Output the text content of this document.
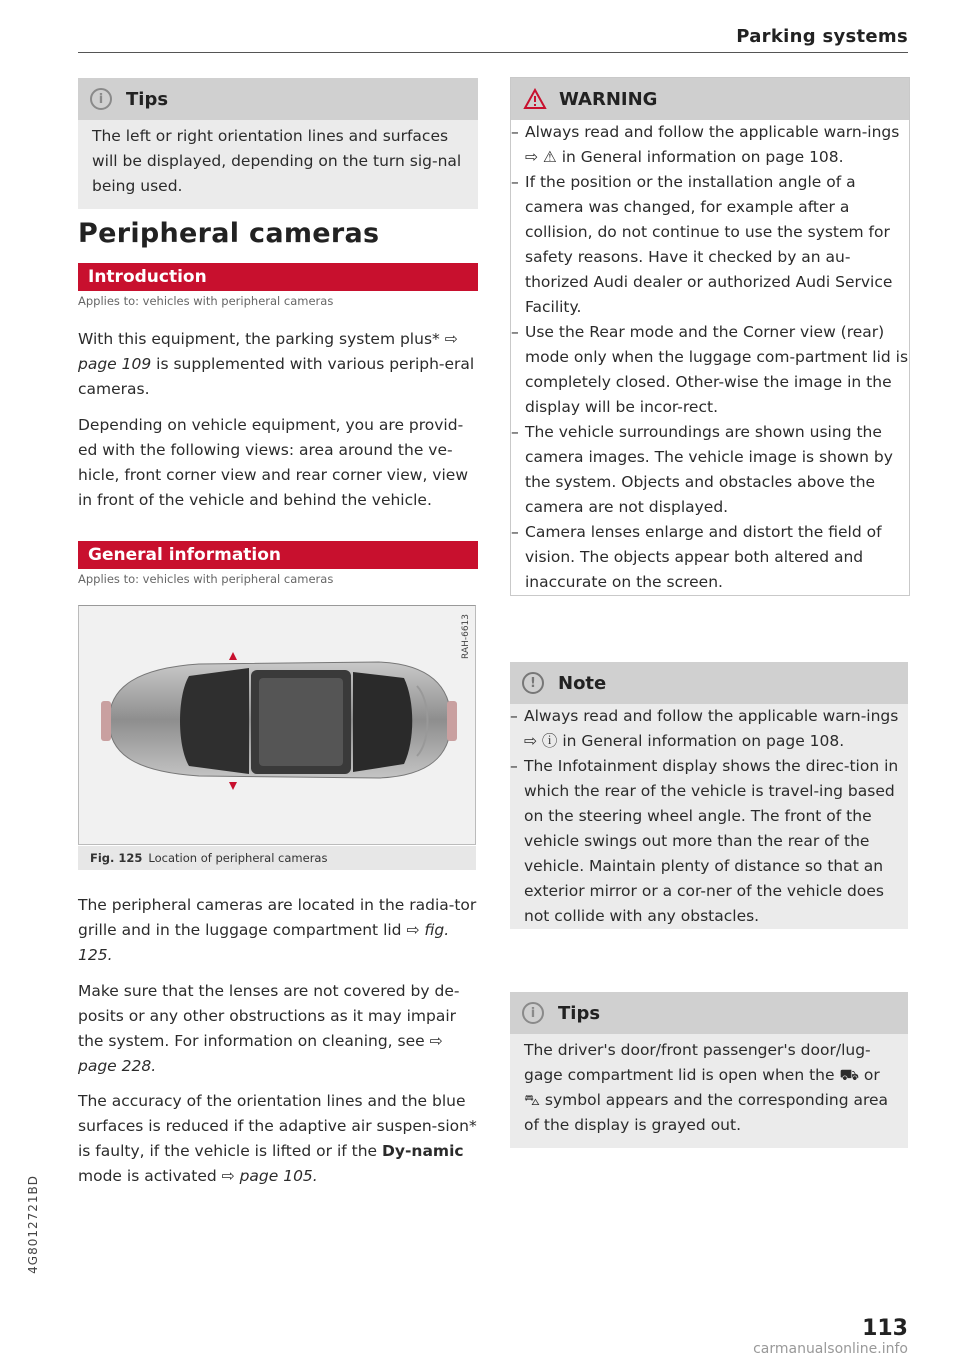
Parking systems
i	Tips
The left or right orientation lines and surfaces will be displayed, depending on the turn sig-nal being used.
Peripheral cameras
Introduction
Applies to: vehicles with peripheral cameras

With this equipment, the parking system plus* ⇨ page 109 is supplemented with various periph-eral cameras.

Depending on vehicle equipment, you are provid-ed with the following views: area around the ve-hicle, front corner view and rear corner view, view in front of the vehicle and behind the vehicle.

General information
Applies to: vehicles with peripheral cameras
RAH-6613
Fig. 125 Location of peripheral cameras

The peripheral cameras are located in the radia-tor grille and in the luggage compartment lid ⇨ fig. 125.

Make sure that the lenses are not covered by de-posits or any other obstructions as it may impair the system. For information on cleaning, see ⇨ page 228.

The accuracy of the orientation lines and the blue surfaces is reduced if the adaptive air suspen-sion* is faulty, if the vehicle is lifted or if the Dy-namic mode is activated ⇨ page 105.

WARNING
– Always read and follow the applicable warn-ings ⇨ ⚠ in General information on page 108.
– If the position or the installation angle of a camera was changed, for example after a collision, do not continue to use the system for safety reasons. Have it checked by an au-thorized Audi dealer or authorized Audi Service Facility.
– Use the Rear mode and the Corner view (rear) mode only when the luggage com-partment lid is completely closed. Other-wise the image in the display will be incor-rect.
– The vehicle surroundings are shown using the camera images. The vehicle image is shown by the system. Objects and obstacles above the camera are not displayed.
– Camera lenses enlarge and distort the field of vision. The objects appear both altered and inaccurate on the screen.
!	Note
– Always read and follow the applicable warn-ings ⇨ ⓘ in General information on page 108.
– The Infotainment display shows the direc-tion in which the rear of the vehicle is travel-ing based on the steering wheel angle. The front of the vehicle swings out more than the rear of the vehicle. Maintain plenty of distance so that an exterior mirror or a cor-ner of the vehicle does not collide with any obstacles.
i	Tips
The driver's door/front passenger's door/lug-gage compartment lid is open when the ⛟ or ⛍ symbol appears and the corresponding area of the display is grayed out.
4G8012721BD
113
carmanualsonline.info
